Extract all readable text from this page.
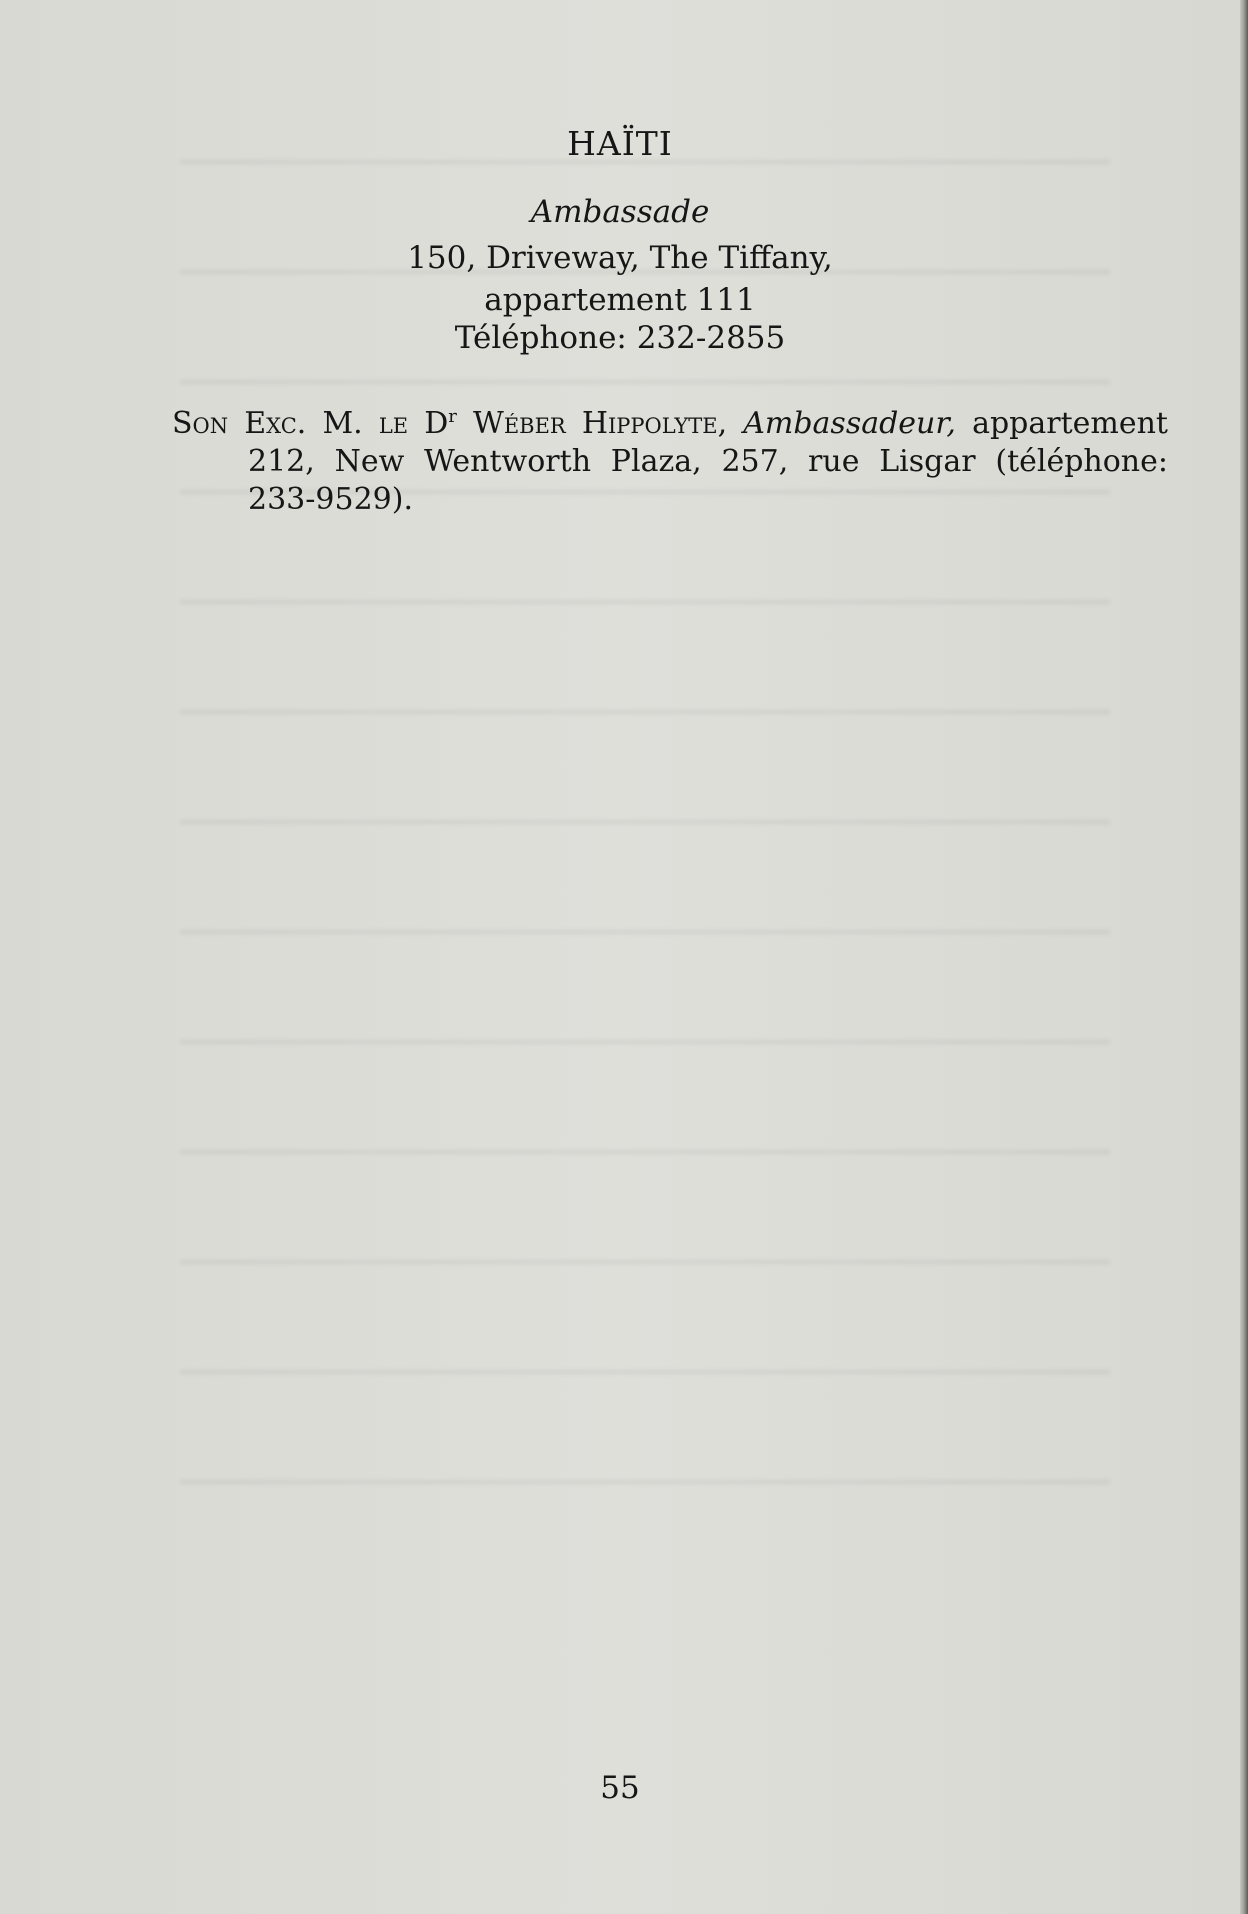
HAÏTI
Ambassade
150, Driveway, The Tiffany,
appartement 111
Téléphone: 232-2855
Son Exc. M. le $D^r$ Wéber Hippolyte, Ambassadeur, appartement 212, New Wentworth Plaza, 257, rue Lisgar (téléphone: 233-9529).
55
